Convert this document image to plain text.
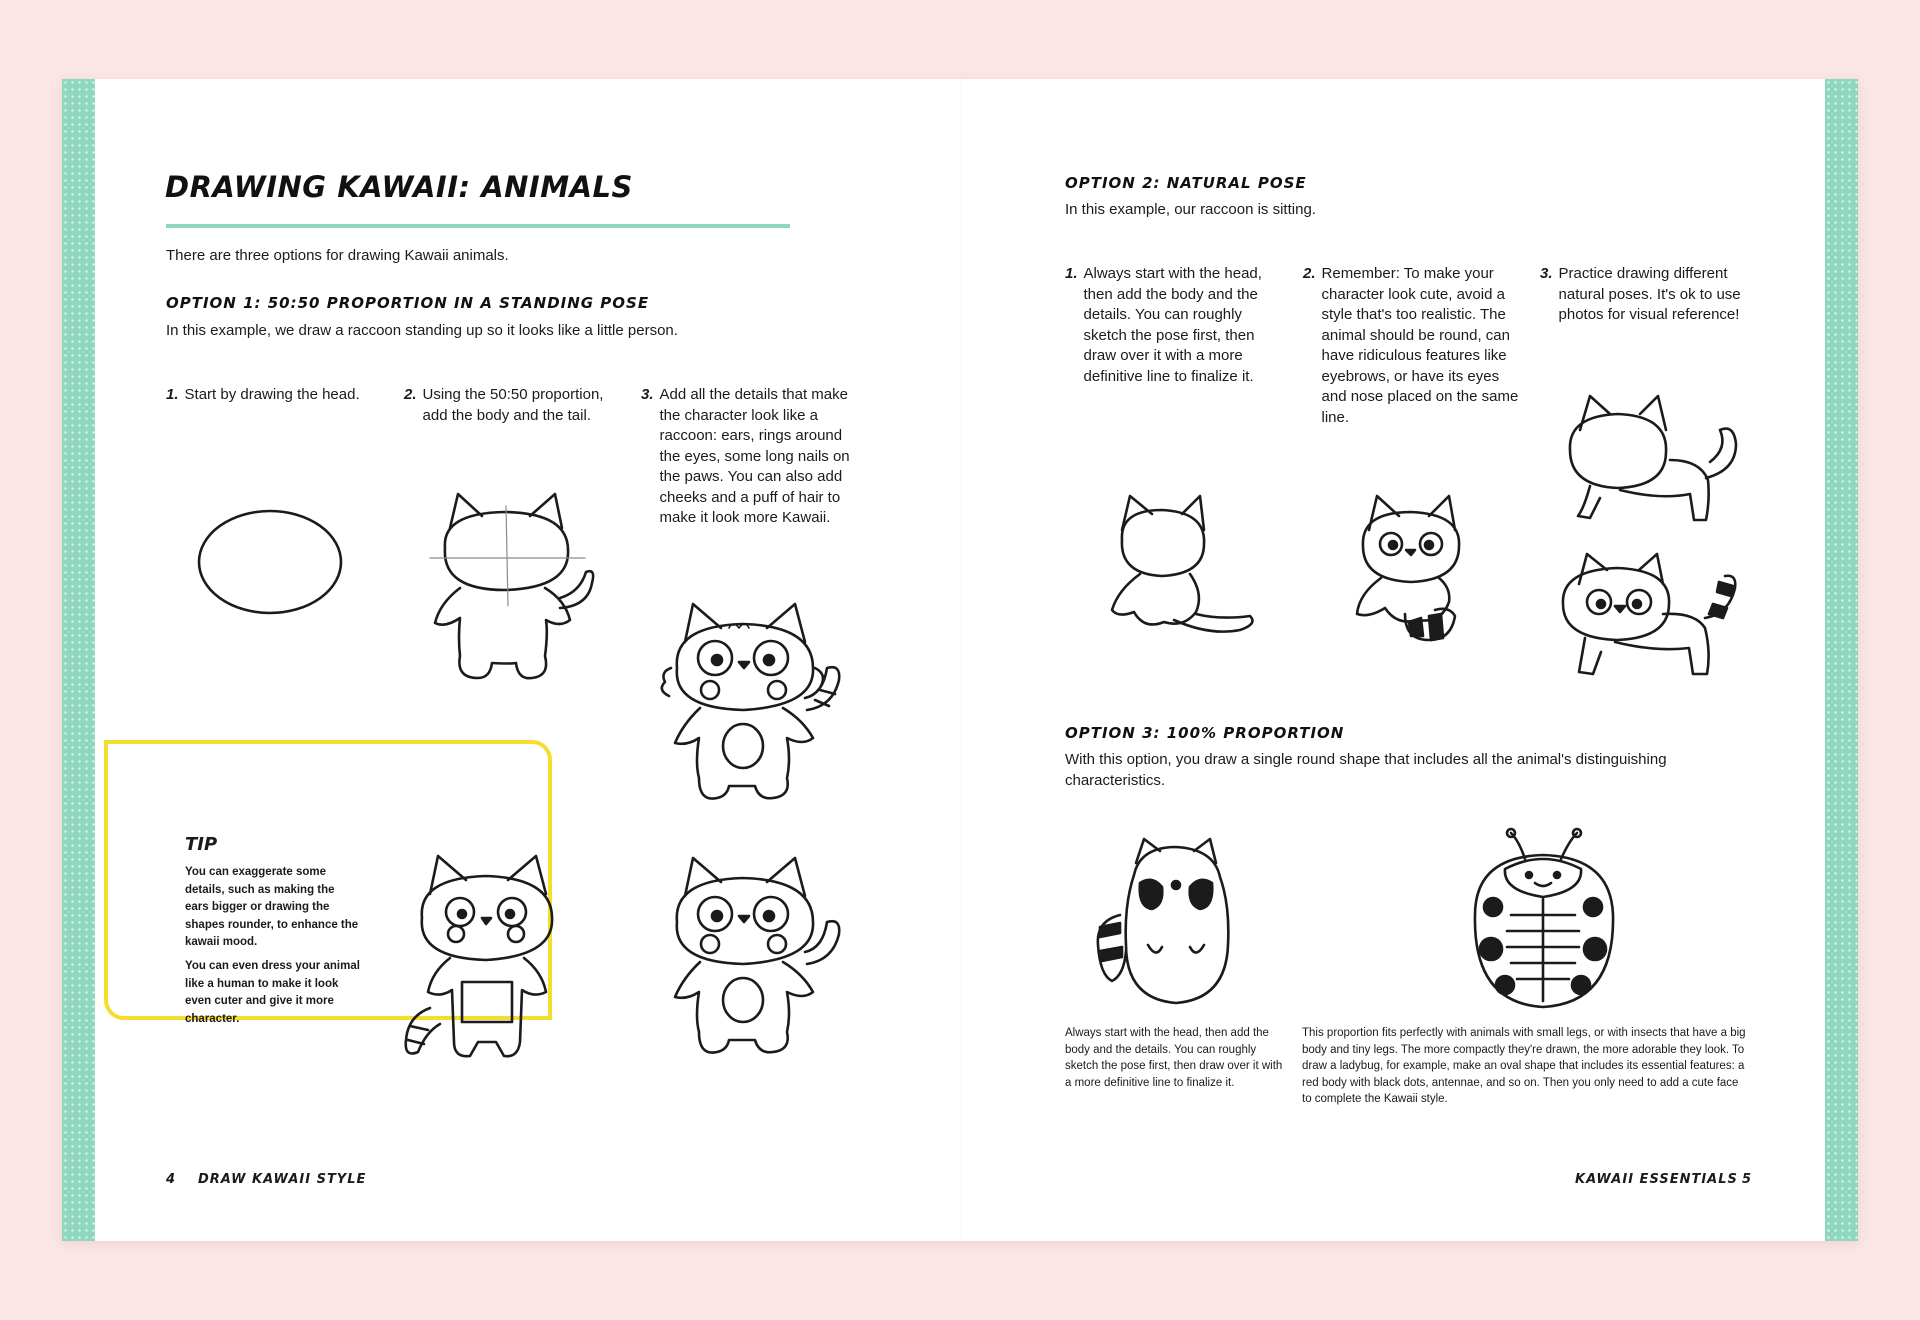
DRAWING KAWAII: ANIMALS
There are three options for drawing Kawaii animals.
OPTION 1: 50:50 PROPORTION IN A STANDING POSE
In this example, we draw a raccoon standing up so it looks like a little person.
1. Start by drawing the head.	2. Using the 50:50 proportion, add the body and the tail.
3. Add all the details that make the character look like a raccoon: ears, rings around the eyes, some long nails on the paws. You can also add cheeks and a puff of hair to make it look more Kawaii.
TIP
You can exaggerate some details, such as making the ears bigger or drawing the shapes rounder, to enhance the kawaii mood.
You can even dress your animal like a human to make it look even cuter and give it more character.
4 DRAW KAWAII STYLE
OPTION 2: NATURAL POSE
In this example, our raccoon is sitting.
1. Always start with the head, then add the body and the details. You can roughly sketch the pose first, then draw over it with a more definitive line to finalize it.
2. Remember: To make your character look cute, avoid a style that's too realistic. The animal should be round, can have ridiculous features like eyebrows, or have its eyes and nose placed on the same line.
3. Practice drawing different natural poses. It's ok to use photos for visual reference!
OPTION 3: 100% PROPORTION
With this option, you draw a single round shape that includes all the animal's distinguishing characteristics.
Always start with the head, then add the body and the details. You can roughly sketch the pose first, then draw over it with a more definitive line to finalize it.
This proportion fits perfectly with animals with small legs, or with insects that have a big body and tiny legs. The more compactly they're drawn, the more adorable they look. To draw a ladybug, for example, make an oval shape that includes its essential features: a red body with black dots, antennae, and so on. Then you only need to add a cute face to complete the Kawaii style.
KAWAII ESSENTIALS 5
